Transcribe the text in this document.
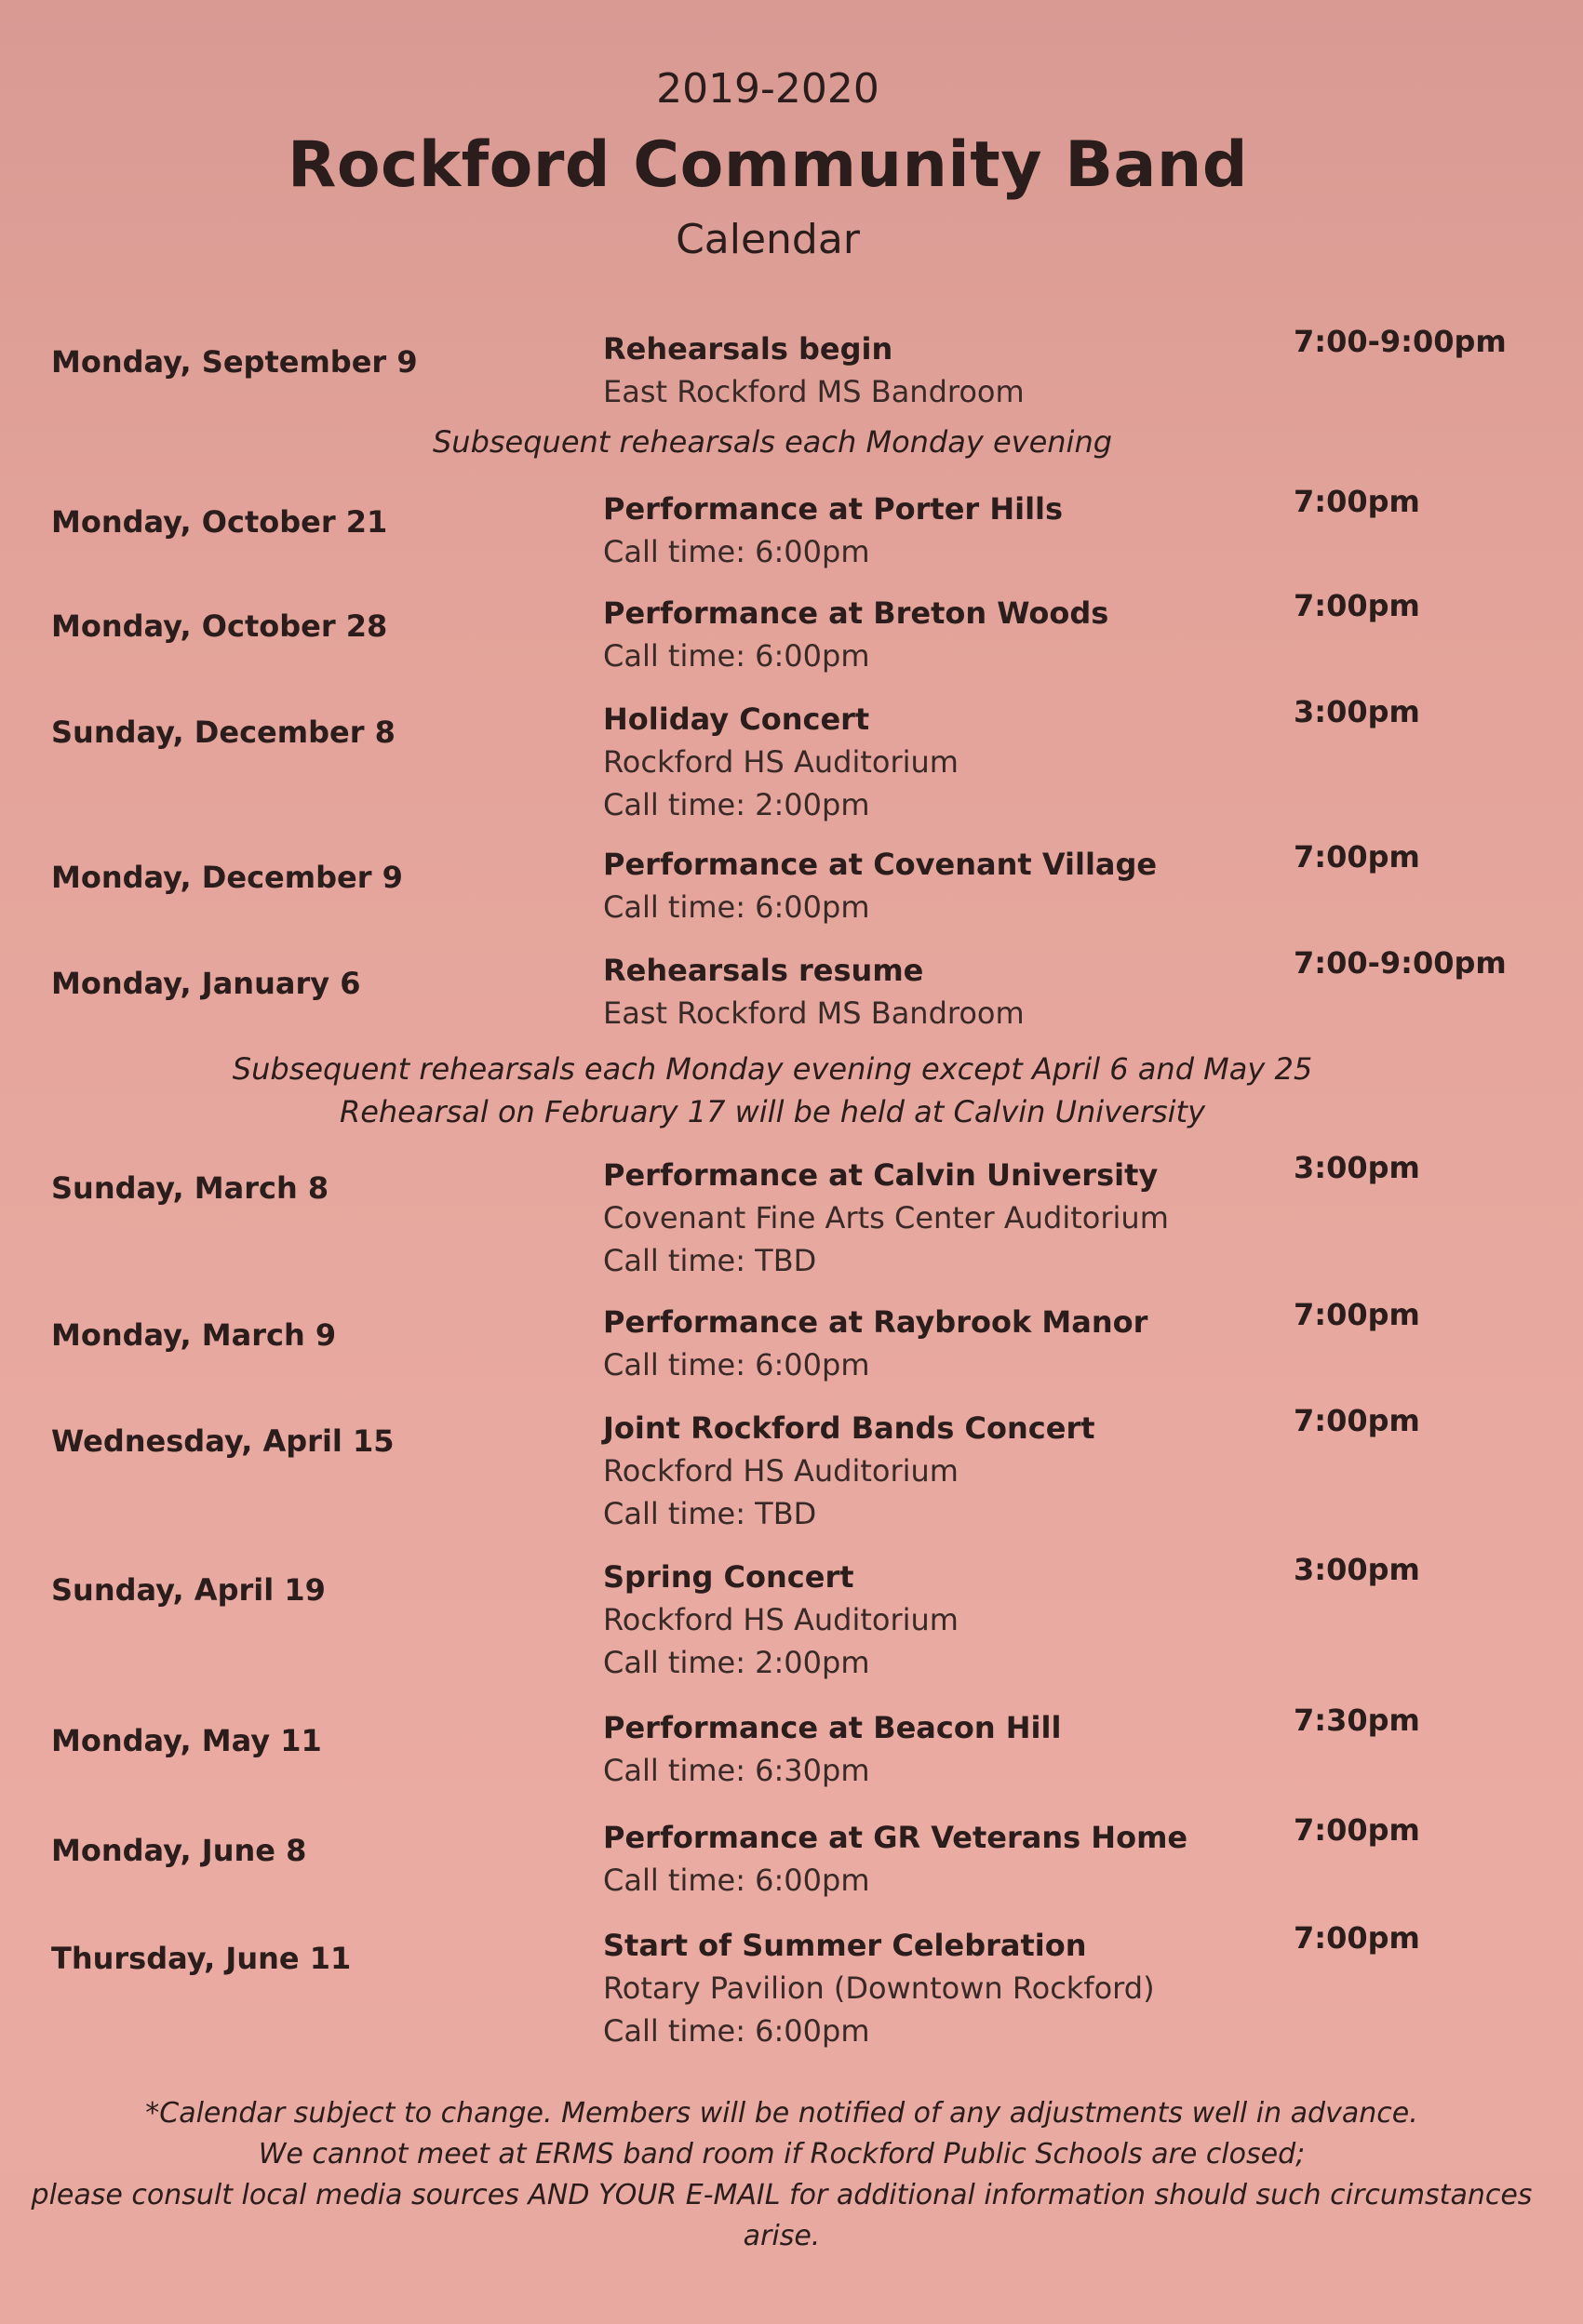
2019-2020
Rockford Community Band
Calendar
Monday, September 9	Rehearsals begin
East Rockford MS Bandroom
7:00-9:00pm
Subsequent rehearsals each Monday evening
Monday, October 21	Performance at Porter Hills
Call time: 6:00pm
7:00pm
Monday, October 28	Performance at Breton Woods
Call time: 6:00pm
7:00pm
Sunday, December 8	Holiday Concert
Rockford HS Auditorium
Call time: 2:00pm
3:00pm
Monday, December 9	Performance at Covenant Village
Call time: 6:00pm
7:00pm
Monday, January 6	Rehearsals resume
East Rockford MS Bandroom
7:00-9:00pm
Subsequent rehearsals each Monday evening except April 6 and May 25
Rehearsal on February 17 will be held at Calvin University
Sunday, March 8	Performance at Calvin University
Covenant Fine Arts Center Auditorium
Call time: TBD
3:00pm
Monday, March 9	Performance at Raybrook Manor
Call time: 6:00pm
7:00pm
Wednesday, April 15	Joint Rockford Bands Concert
Rockford HS Auditorium
Call time: TBD
7:00pm
Sunday, April 19	Spring Concert
Rockford HS Auditorium
Call time: 2:00pm
3:00pm
Monday, May 11	Performance at Beacon Hill
Call time: 6:30pm
7:30pm
Monday, June 8	Performance at GR Veterans Home
Call time: 6:00pm
7:00pm
Thursday, June 11	Start of Summer Celebration
Rotary Pavilion (Downtown Rockford)
Call time: 6:00pm
7:00pm
*Calendar subject to change. Members will be notified of any adjustments well in advance.
We cannot meet at ERMS band room if Rockford Public Schools are closed;
please consult local media sources AND YOUR E-MAIL for additional information should such circumstances arise.
